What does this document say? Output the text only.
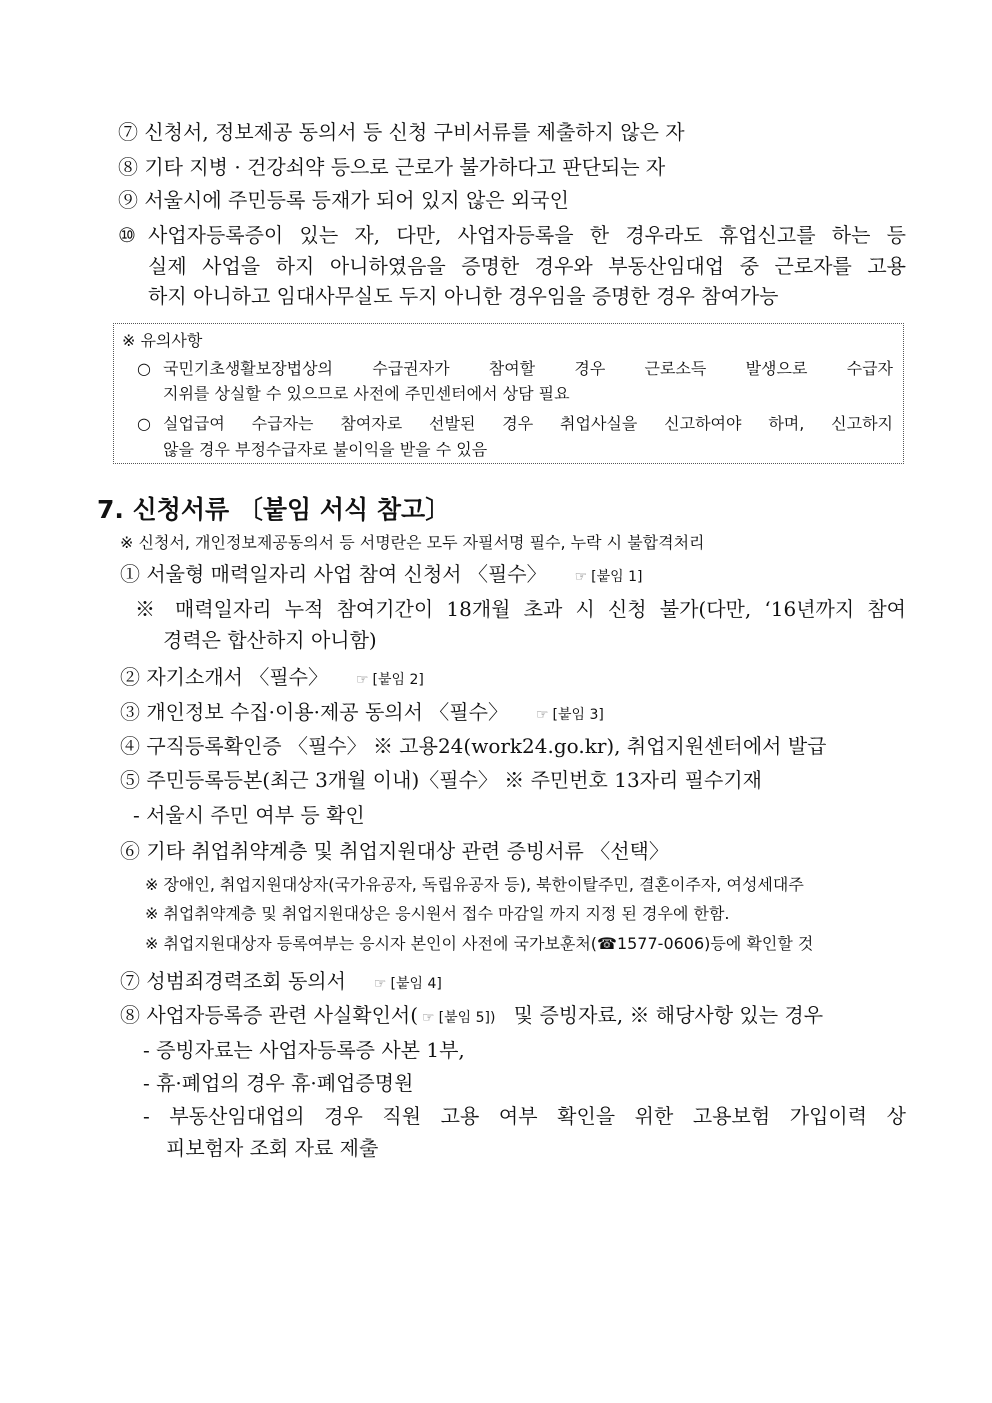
⑦ 신청서, 정보제공 동의서 등 신청 구비서류를 제출하지 않은 자
⑧ 기타 지병 · 건강쇠약 등으로 근로가 불가하다고 판단되는 자
⑨ 서울시에 주민등록 등재가 되어 있지 않은 외국인
⑩ 사업자등록증이 있는 자, 다만, 사업자등록을 한 경우라도 휴업신고를 하는 등
실제 사업을 하지 아니하였음을 증명한 경우와 부동산임대업 중 근로자를 고용
하지 아니하고 임대사무실도 두지 아니한 경우임을 증명한 경우 참여가능
※ 유의사항
○ 국민기초생활보장법상의 수급권자가 참여할 경우 근로소득 발생으로 수급자
지위를 상실할 수 있으므로 사전에 주민센터에서 상담 필요
○ 실업급여 수급자는 참여자로 선발된 경우 취업사실을 신고하여야 하며, 신고하지
않을 경우 부정수급자로 불이익을 받을 수 있음
7. 신청서류 〔붙임 서식 참고〕
※ 신청서, 개인정보제공동의서 등 서명란은 모두 자필서명 필수, 누락 시 불합격처리
① 서울형 매력일자리 사업 참여 신청서 〈필수〉 ☞ [붙임 1]
※ 매력일자리 누적 참여기간이 18개월 초과 시 신청 불가(다만, ‘16년까지 참여
경력은 합산하지 아니함)
② 자기소개서 〈필수〉 ☞ [붙임 2]
③ 개인정보 수집·이용·제공 동의서 〈필수〉 ☞ [붙임 3]
④ 구직등록확인증 〈필수〉 ※ 고용24(work24.go.kr), 취업지원센터에서 발급
⑤ 주민등록등본(최근 3개월 이내)〈필수〉 ※ 주민번호 13자리 필수기재
- 서울시 주민 여부 등 확인
⑥ 기타 취업취약계층 및 취업지원대상 관련 증빙서류 〈선택〉
※ 장애인, 취업지원대상자(국가유공자, 독립유공자 등), 북한이탈주민, 결혼이주자, 여성세대주
※ 취업취약계층 및 취업지원대상은 응시원서 접수 마감일 까지 지정 된 경우에 한함.
※ 취업지원대상자 등록여부는 응시자 본인이 사전에 국가보훈처(☎1577-0606)등에 확인할 것
⑦ 성범죄경력조회 동의서 ☞ [붙임 4]
⑧ 사업자등록증 관련 사실확인서( ☞ [붙임 5]) 및 증빙자료, ※ 해당사항 있는 경우
- 증빙자료는 사업자등록증 사본 1부,
- 휴·폐업의 경우 휴·폐업증명원
- 부동산임대업의 경우 직원 고용 여부 확인을 위한 고용보험 가입이력 상
피보험자 조회 자료 제출
